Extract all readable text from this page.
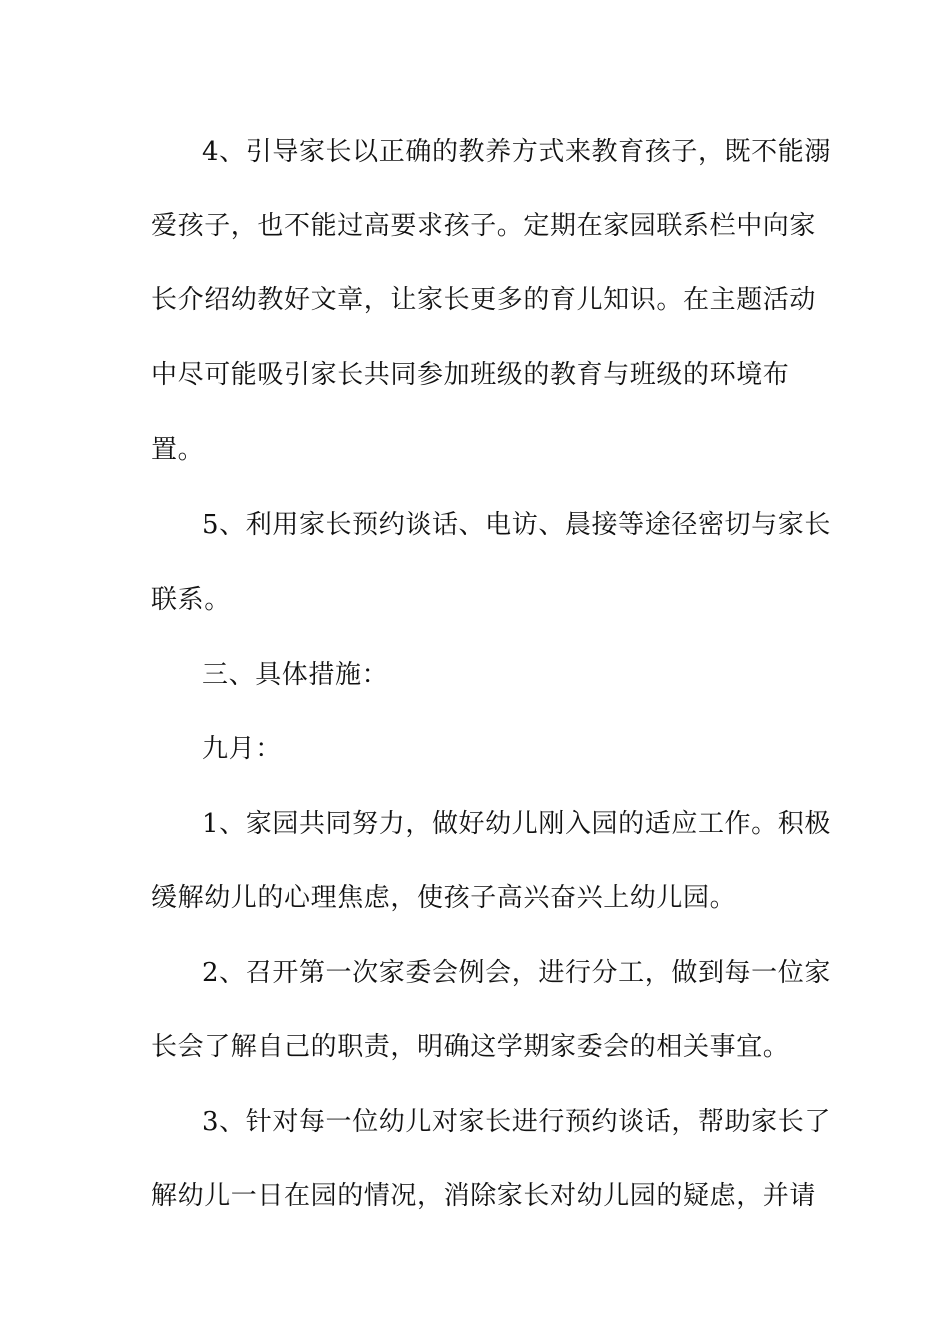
4、引导家长以正确的教养方式来教育孩子，既不能溺
爱孩子，也不能过高要求孩子。定期在家园联系栏中向家
长介绍幼教好文章，让家长更多的育儿知识。在主题活动
中尽可能吸引家长共同参加班级的教育与班级的环境布
置。
5、利用家长预约谈话、电访、晨接等途径密切与家长
联系。
三、具体措施：
九月：
1、家园共同努力，做好幼儿刚入园的适应工作。积极
缓解幼儿的心理焦虑，使孩子高兴奋兴上幼儿园。
2、召开第一次家委会例会，进行分工，做到每一位家
长会了解自己的职责，明确这学期家委会的相关事宜。
3、针对每一位幼儿对家长进行预约谈话，帮助家长了
解幼儿一日在园的情况，消除家长对幼儿园的疑虑，并请
